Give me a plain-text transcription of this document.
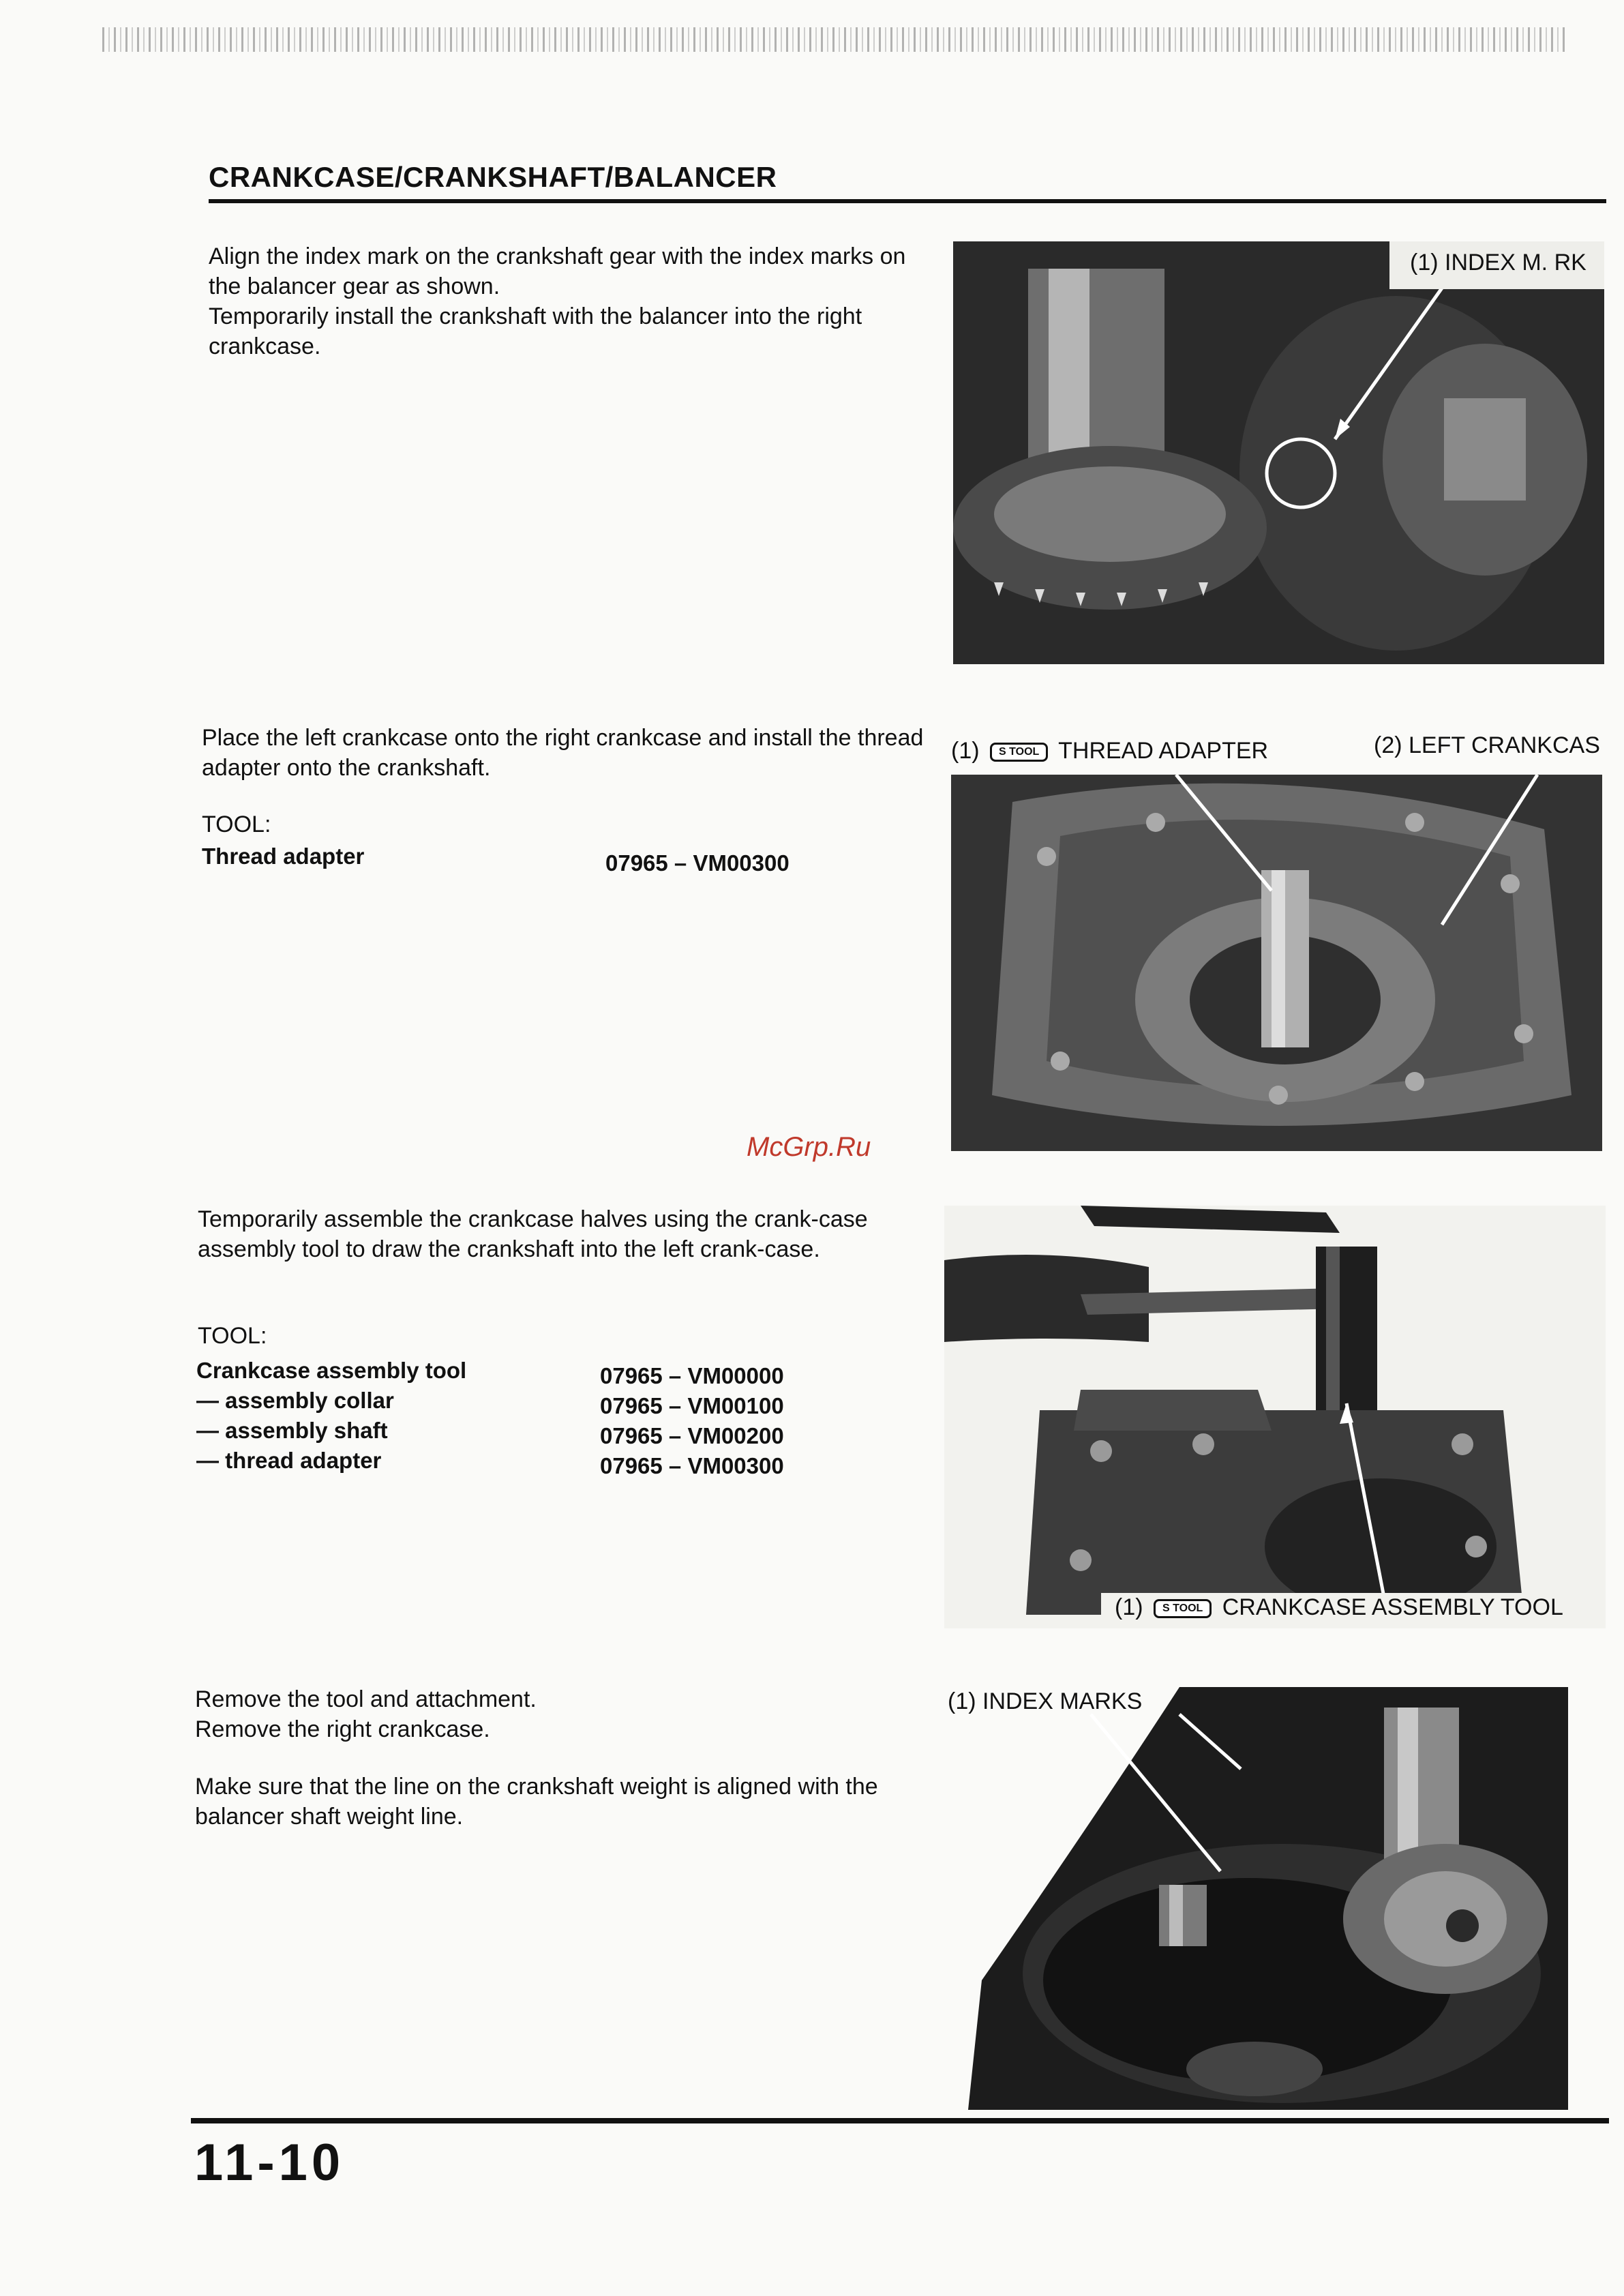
CRANKCASE/CRANKSHAFT/BALANCER
Align the index mark on the crankshaft gear with the index marks on the balancer gear as shown.
Temporarily install the crankshaft with the balancer into the right crankcase.
(1) INDEX M. RK
Place the left crankcase onto the right crankcase and install the thread adapter onto the crankshaft.
TOOL:
Thread adapter	07965 – VM00300
(1) S TOOL THREAD ADAPTER	(2) LEFT CRANKCAS
McGrp.Ru
Temporarily assemble the crankcase halves using the crank-case assembly tool to draw the crankshaft into the left crank-case.
TOOL:
Crankcase assembly tool	07965 – VM00000
— assembly collar	07965 – VM00100
— assembly shaft	07965 – VM00200
— thread adapter	07965 – VM00300
(1) S TOOL CRANKCASE ASSEMBLY TOOL
Remove the tool and attachment.
Remove the right crankcase.
Make sure that the line on the crankshaft weight is aligned with the balancer shaft weight line.
(1) INDEX MARKS
11-10
